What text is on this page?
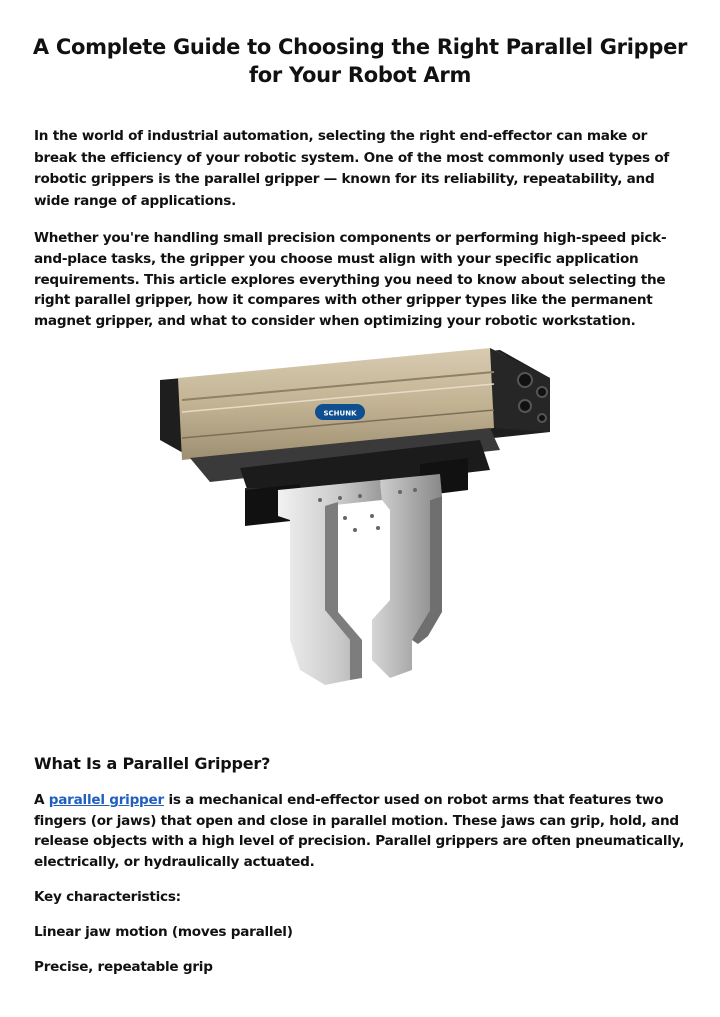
A Complete Guide to Choosing the Right Parallel Gripper for Your Robot Arm

In the world of industrial automation, selecting the right end-effector can make or break the efficiency of your robotic system. One of the most commonly used types of robotic grippers is the parallel gripper — known for its reliability, repeatability, and wide range of applications.

Whether you're handling small precision components or performing high-speed pick-and-place tasks, the gripper you choose must align with your specific application requirements. This article explores everything you need to know about selecting the right parallel gripper, how it compares with other gripper types like the permanent magnet gripper, and what to consider when optimizing your robotic workstation.

SCHUNK
What Is a Parallel Gripper?

A parallel gripper is a mechanical end-effector used on robot arms that features two fingers (or jaws) that open and close in parallel motion. These jaws can grip, hold, and release objects with a high level of precision. Parallel grippers are often pneumatically, electrically, or hydraulically actuated.

Key characteristics:

Linear jaw motion (moves parallel)

Precise, repeatable grip
